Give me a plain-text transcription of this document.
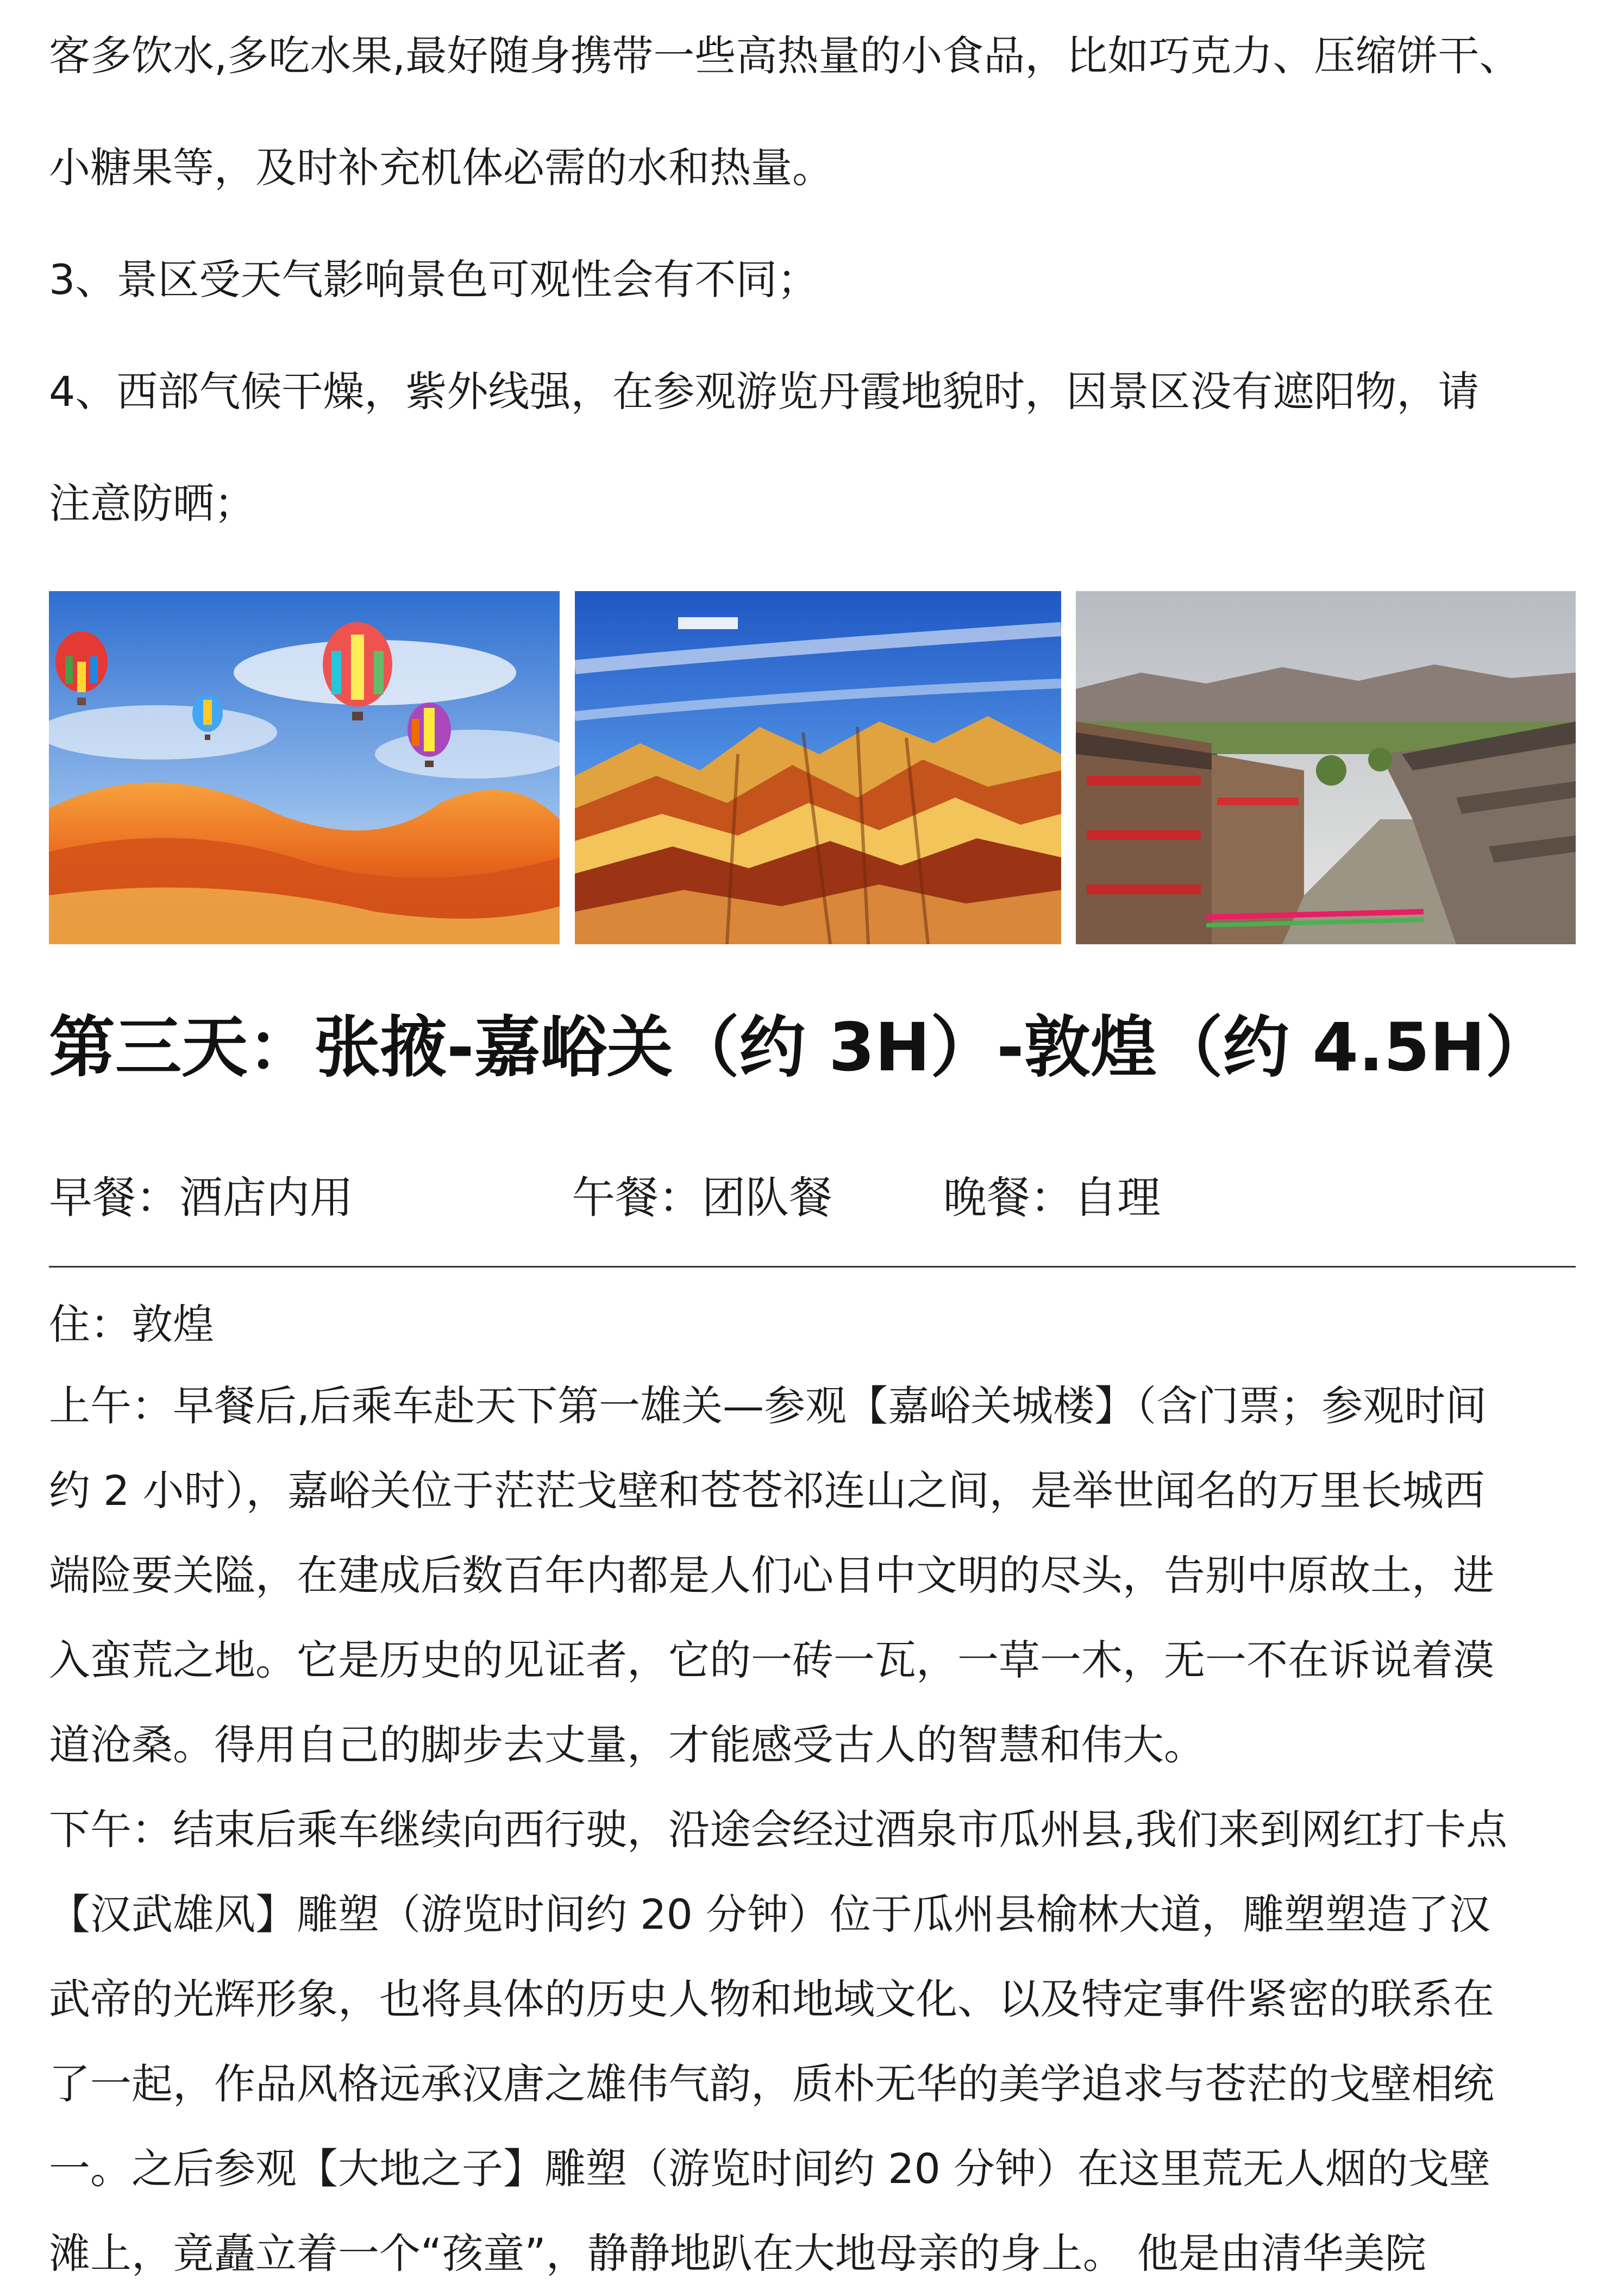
客多饮水,多吃水果,最好随身携带一些高热量的小食品，比如巧克力、压缩饼干、

小糖果等，及时补充机体必需的水和热量。

3、景区受天气影响景色可观性会有不同；

4、西部气候干燥，紫外线强，在参观游览丹霞地貌时，因景区没有遮阳物，请

注意防晒；

第三天：张掖-嘉峪关（约 3H）-敦煌（约 4.5H）
早餐：酒店内用	午餐：团队餐	晚餐：自理

住：敦煌

上午：早餐后,后乘车赴天下第一雄关—参观【嘉峪关城楼】（含门票；参观时间

约 2 小时），嘉峪关位于茫茫戈壁和苍苍祁连山之间，是举世闻名的万里长城西

端险要关隘，在建成后数百年内都是人们心目中文明的尽头，告别中原故土，进

入蛮荒之地。它是历史的见证者，它的一砖一瓦，一草一木，无一不在诉说着漠

道沧桑。得用自己的脚步去丈量，才能感受古人的智慧和伟大。

下午：结束后乘车继续向西行驶，沿途会经过酒泉市瓜州县,我们来到网红打卡点

【汉武雄风】雕塑（游览时间约 20 分钟）位于瓜州县榆林大道，雕塑塑造了汉

武帝的光辉形象，也将具体的历史人物和地域文化、以及特定事件紧密的联系在

了一起，作品风格远承汉唐之雄伟气韵，质朴无华的美学追求与苍茫的戈壁相统

一。之后参观【大地之子】雕塑（游览时间约 20 分钟）在这里荒无人烟的戈壁

滩上，竟矗立着一个“孩童”，静静地趴在大地母亲的身上。 他是由清华美院
